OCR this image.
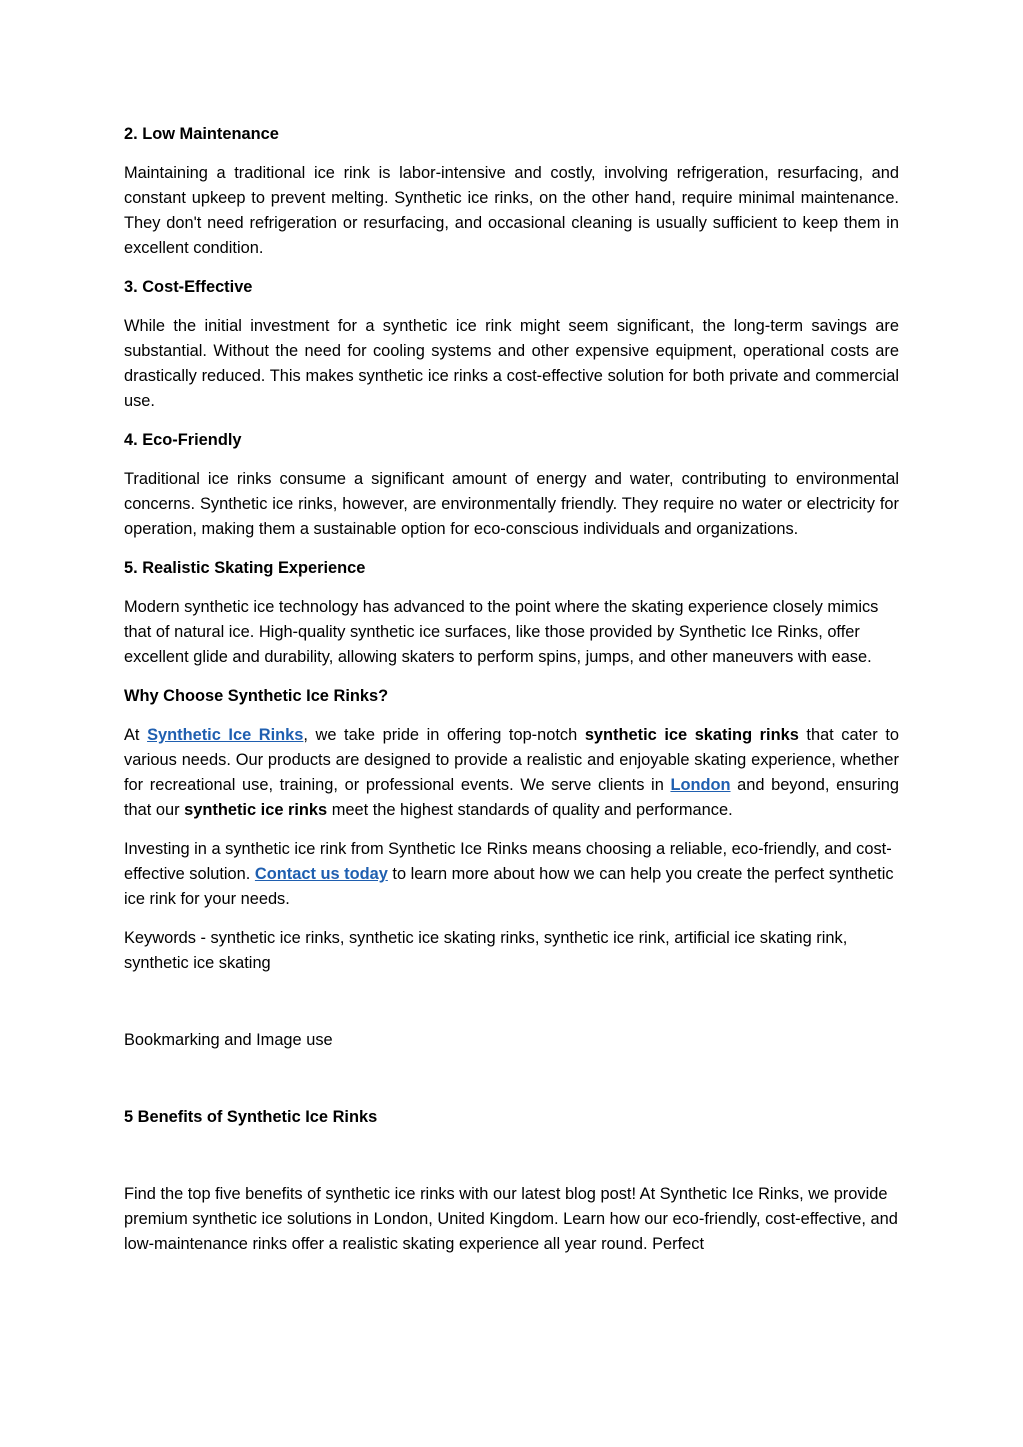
2. Low Maintenance

Maintaining a traditional ice rink is labor-intensive and costly, involving refrigeration, resurfacing, and constant upkeep to prevent melting. Synthetic ice rinks, on the other hand, require minimal maintenance. They don't need refrigeration or resurfacing, and occasional cleaning is usually sufficient to keep them in excellent condition.

3. Cost-Effective

While the initial investment for a synthetic ice rink might seem significant, the long-term savings are substantial. Without the need for cooling systems and other expensive equipment, operational costs are drastically reduced. This makes synthetic ice rinks a cost-effective solution for both private and commercial use.

4. Eco-Friendly

Traditional ice rinks consume a significant amount of energy and water, contributing to environmental concerns. Synthetic ice rinks, however, are environmentally friendly. They require no water or electricity for operation, making them a sustainable option for eco-conscious individuals and organizations.

5. Realistic Skating Experience

Modern synthetic ice technology has advanced to the point where the skating experience closely mimics that of natural ice. High-quality synthetic ice surfaces, like those provided by Synthetic Ice Rinks, offer excellent glide and durability, allowing skaters to perform spins, jumps, and other maneuvers with ease.

Why Choose Synthetic Ice Rinks?

At Synthetic Ice Rinks, we take pride in offering top-notch synthetic ice skating rinks that cater to various needs. Our products are designed to provide a realistic and enjoyable skating experience, whether for recreational use, training, or professional events. We serve clients in London and beyond, ensuring that our synthetic ice rinks meet the highest standards of quality and performance.

Investing in a synthetic ice rink from Synthetic Ice Rinks means choosing a reliable, eco-friendly, and cost-effective solution. Contact us today to learn more about how we can help you create the perfect synthetic ice rink for your needs.

Keywords - synthetic ice rinks, synthetic ice skating rinks, synthetic ice rink, artificial ice skating rink, synthetic ice skating

Bookmarking and Image use

5 Benefits of Synthetic Ice Rinks

Find the top five benefits of synthetic ice rinks with our latest blog post! At Synthetic Ice Rinks, we provide premium synthetic ice solutions in London, United Kingdom. Learn how our eco-friendly, cost-effective, and low-maintenance rinks offer a realistic skating experience all year round. Perfect
